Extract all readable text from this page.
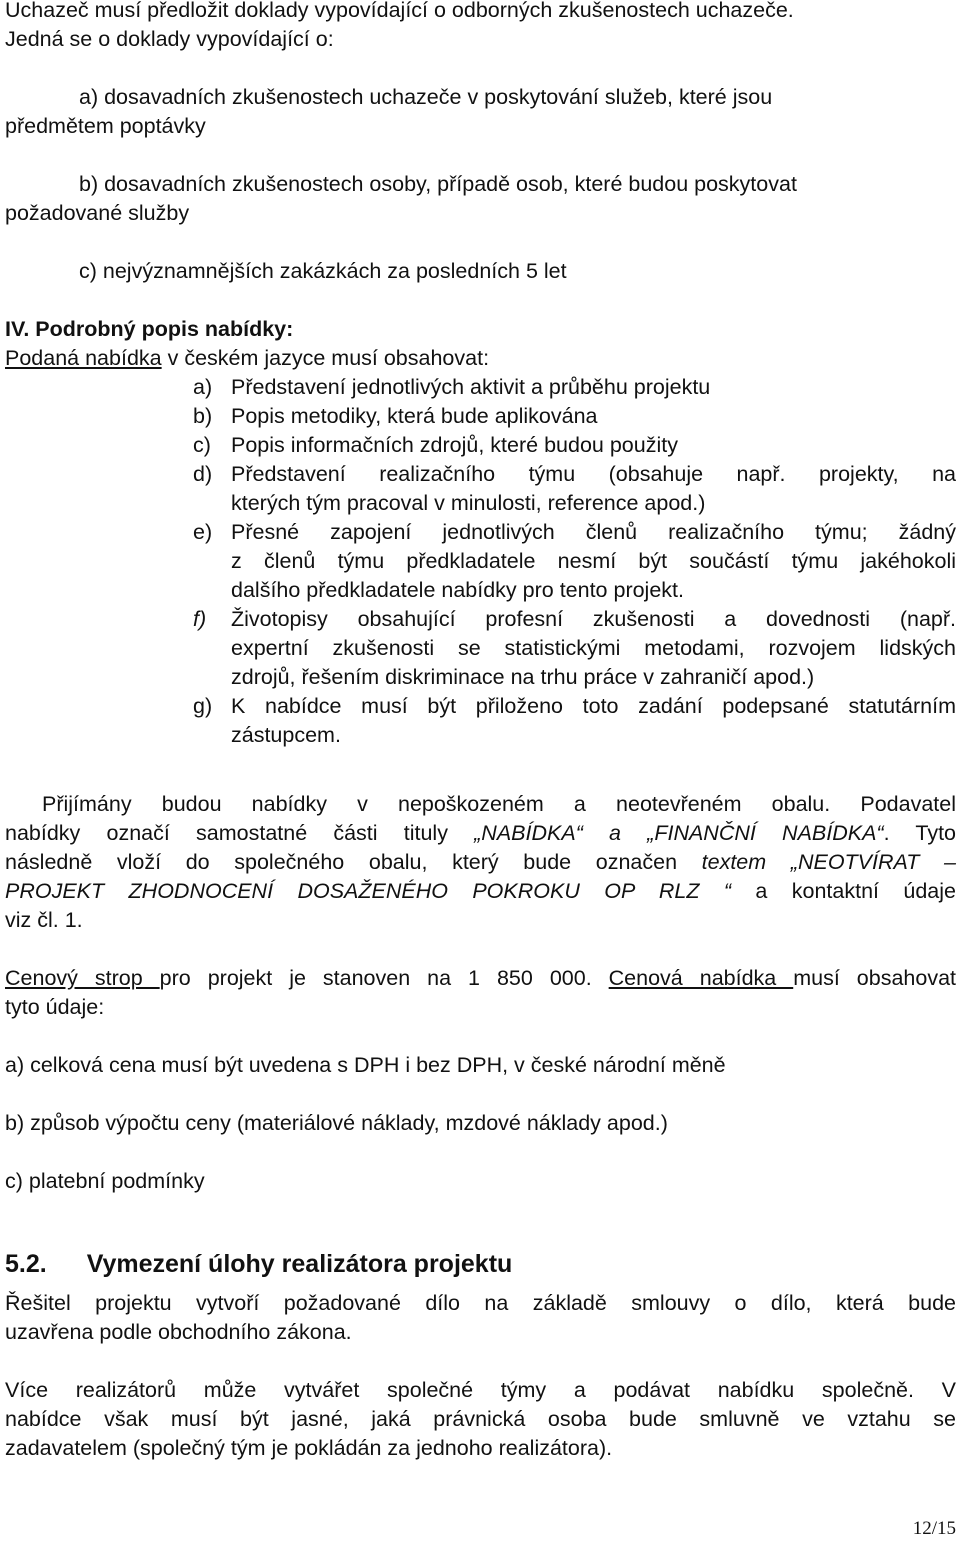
Uchazeč musí předložit doklady vypovídající o odborných zkušenostech uchazeče.

Jedná se o doklady vypovídající o:

a) dosavadních zkušenostech uchazeče v poskytování služeb, které jsou

předmětem poptávky

b) dosavadních zkušenostech osoby, případě osob, které budou poskytovat

požadované služby

c) nejvýznamnějších zakázkách za posledních 5 let

IV. Podrobný popis nabídky:

Podaná nabídka v českém jazyce musí obsahovat:

a) Představení jednotlivých aktivit a průběhu projektu
b) Popis metodiky, která bude aplikována
c) Popis informačních zdrojů, které budou použity
d) Představení realizačního týmu (obsahuje např. projekty, na
kterých tým pracoval v minulosti, reference apod.)
e) Přesné zapojení jednotlivých členů realizačního týmu; žádný
z členů týmu předkladatele nesmí být součástí týmu jakéhokoli
dalšího předkladatele nabídky pro tento projekt.
f)	Životopisy obsahující profesní zkušenosti a dovednosti (např.
expertní zkušenosti se statistickými metodami, rozvojem lidských
zdrojů, řešením diskriminace na trhu práce v zahraničí apod.)
g) K nabídce musí být přiloženo toto zadání podepsané statutárním
zástupcem.

Přijímány budou nabídky v nepoškozeném a neotevřeném obalu. Podavatel

nabídky označí samostatné části tituly „NABÍDKA“ a „FINANČNÍ NABÍDKA“. Tyto

následně vloží do společného obalu, který bude označen textem „NEOTVÍRAT –

PROJEKT ZHODNOCENÍ DOSAŽENÉHO POKROKU OP RLZ “ a kontaktní údaje

viz čl. 1.

Cenový strop pro projekt je stanoven na 1 850 000. Cenová nabídka musí obsahovat

tyto údaje:

a) celková cena musí být uvedena s DPH i bez DPH, v české národní měně

b) způsob výpočtu ceny (materiálové náklady, mzdové náklady apod.)

c) platební podmínky

5.2. Vymezení úlohy realizátora projektu

Řešitel projektu vytvoří požadované dílo na základě smlouvy o dílo, která bude

uzavřena podle obchodního zákona.

Více realizátorů může vytvářet společné týmy a podávat nabídku společně. V

nabídce však musí být jasné, jaká právnická osoba bude smluvně ve vztahu se

zadavatelem (společný tým je pokládán za jednoho realizátora).

12/15
